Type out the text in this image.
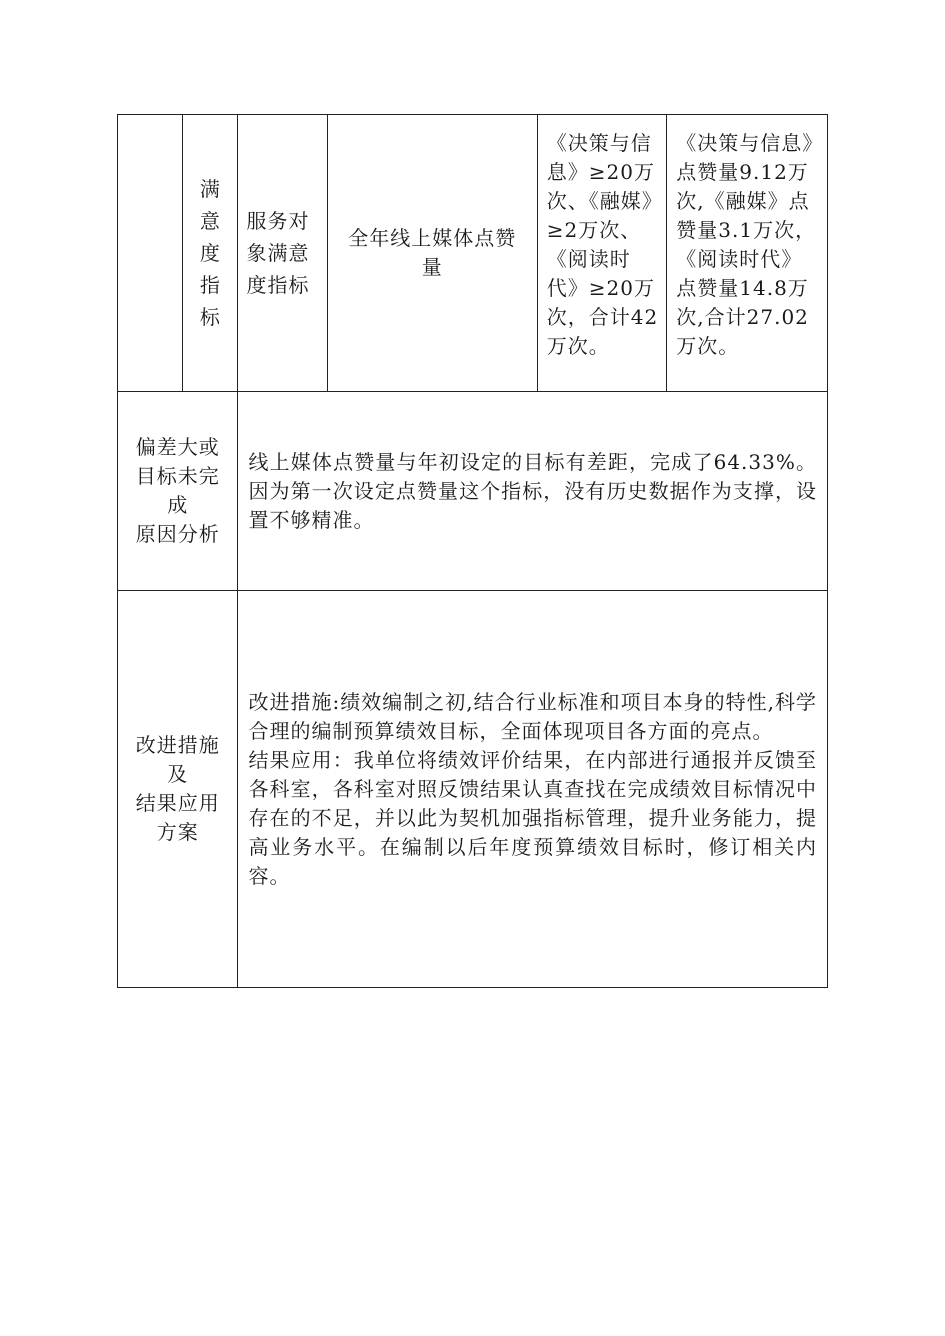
	满意度指标	服务对象满意度指标	全年线上媒体点赞量	《决策与信息》≥20万次、《融媒》≥2万次、《阅读时代》≥20万次，合计42万次。	《决策与信息》点赞量9.12万次,《融媒》点赞量3.1万次，《阅读时代》点赞量14.8万次,合计27.02万次。

偏差大或
目标未完
成
原因分析		线上媒体点赞量与年初设定的目标有差距，完成了64.33%。因为第一次设定点赞量这个指标，没有历史数据作为支撑，设置不够精准。			

改进措施
及
结果应用
方案		改进措施:绩效编制之初,结合行业标准和项目本身的特性,科学合理的编制预算绩效目标，全面体现项目各方面的亮点。
结果应用：我单位将绩效评价结果，在内部进行通报并反馈至各科室，各科室对照反馈结果认真查找在完成绩效目标情况中存在的不足，并以此为契机加强指标管理，提升业务能力，提高业务水平。在编制以后年度预算绩效目标时，修订相关内容。			
